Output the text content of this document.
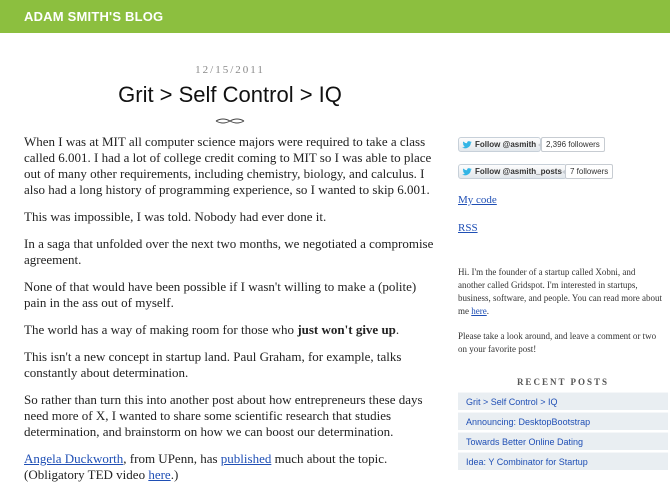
ADAM SMITH'S BLOG
12/15/2011
Grit > Self Control > IQ

When I was at MIT all computer science majors were required to take a class called 6.001. I had a lot of college credit coming to MIT so I was able to place out of many other requirements, including chemistry, biology, and calculus. I also had a long history of programming experience, so I wanted to skip 6.001.

This was impossible, I was told. Nobody had ever done it.

In a saga that unfolded over the next two months, we negotiated a compromise agreement.

None of that would have been possible if I wasn't willing to make a (polite) pain in the ass out of myself.

The world has a way of making room for those who just won't give up.

This isn't a new concept in startup land. Paul Graham, for example, talks constantly about determination.

So rather than turn this into another post about how entrepreneurs these days need more of X, I wanted to share some scientific research that studies determination, and brainstorm on how we can boost our determination.

Angela Duckworth, from UPenn, has published much about the topic.
(Obligatory TED video here.)

Follow @asmith	2,396 followers
Follow @asmith_posts	7 followers
My code
RSS
Hi. I'm the founder of a startup called Xobni, and another called Gridspot. I'm interested in startups, business, software, and people. You can read more about me here.
Please take a look around, and leave a comment or two on your favorite post!
RECENT POSTS
Grit > Self Control > IQ
Announcing: DesktopBootstrap
Towards Better Online Dating
Idea: Y Combinator for Startup
